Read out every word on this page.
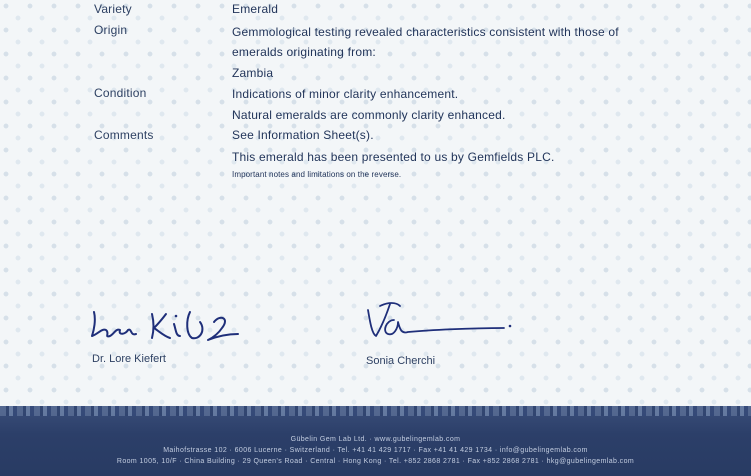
Variety	Emerald
Origin	Gemmological testing revealed characteristics consistent with those of
emeralds originating from:
Zambia
Condition	Indications of minor clarity enhancement.
Natural emeralds are commonly clarity enhanced.
Comments	See Information Sheet(s).
This emerald has been presented to us by Gemfields PLC.
Important notes and limitations on the reverse.
Dr. Lore Kiefert	Sonia Cherchi
Gübelin Gem Lab Ltd. · www.gubelingemlab.com
Maihofstrasse 102 · 6006 Lucerne · Switzerland · Tel. +41 41 429 1717 · Fax +41 41 429 1734 · info@gubelingemlab.com
Room 1005, 10/F · China Building · 29 Queen's Road · Central · Hong Kong · Tel. +852 2868 2781 · Fax +852 2868 2781 · hkg@gubelingemlab.com
